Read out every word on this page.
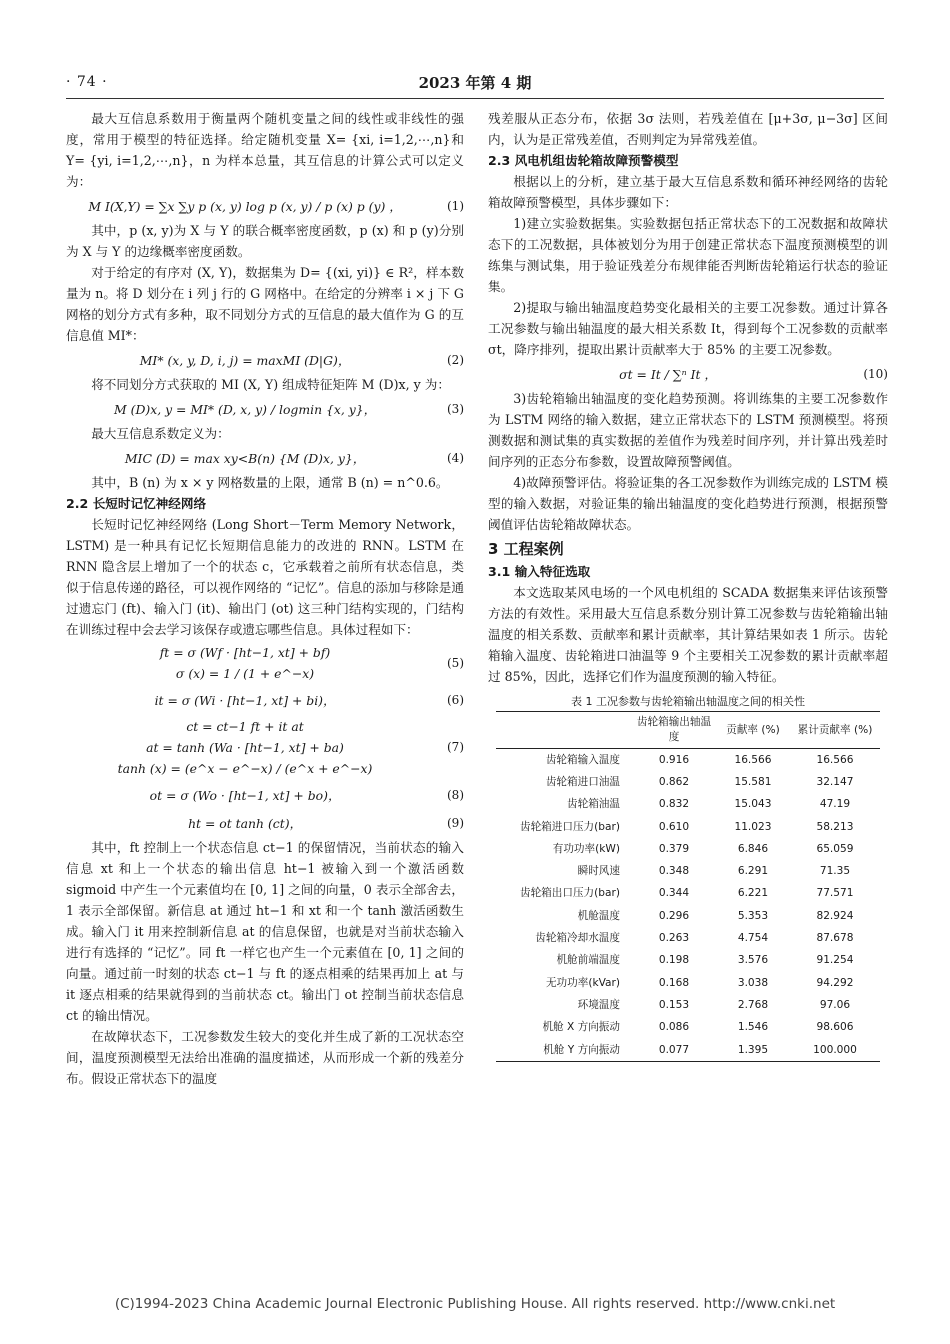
· 74 ·	2023 年第 4 期

最大互信息系数用于衡量两个随机变量之间的线性或非线性的强度，常用于模型的特征选择。给定随机变量 X= {xi, i=1,2,⋯,n}和 Y= {yi, i=1,2,⋯,n}，n 为样本总量，其互信息的计算公式可以定义为：

M I(X,Y) = ∑x ∑y p (x, y) log p (x, y) / p (x) p (y) ，	(1)

其中，p (x, y)为 X 与 Y 的联合概率密度函数，p (x) 和 p (y)分别为 X 与 Y 的边缘概率密度函数。

对于给定的有序对 (X, Y)，数据集为 D= {(xi, yi)} ∈ R²，样本数量为 n。将 D 划分在 i 列 j 行的 G 网格中。在给定的分辨率 i × j 下 G 网格的划分方式有多种，取不同划分方式的互信息的最大值作为 G 的互信息值 MI*：

MI* (x, y, D, i, j) = maxMI (D|G)，	(2)

将不同划分方式获取的 MI (X, Y) 组成特征矩阵 M (D)x, y 为：

M (D)x, y = MI* (D, x, y) / logmin {x, y}，	(3)

最大互信息系数定义为：

MIC (D) = max xy<B(n) {M (D)x, y}，	(4)

其中，B (n) 为 x × y 网格数量的上限，通常 B (n) = n^0.6。

2.2 长短时记忆神经网络

长短时记忆神经网络 (Long Short－Term Memory Network，LSTM) 是一种具有记忆长短期信息能力的改进的 RNN。LSTM 在 RNN 隐含层上增加了一个的状态 c，它承载着之前所有状态信息，类似于信息传递的路径，可以视作网络的 “记忆”。信息的添加与移除是通过遗忘门 (ft)、输入门 (it)、输出门 (ot) 这三种门结构实现的，门结构在训练过程中会去学习该保存或遗忘哪些信息。具体过程如下：

ft = σ (Wf · [ht−1, xt] + bf)
σ (x) = 1 / (1 + e^−x)
(5)
it = σ (Wi · [ht−1, xt] + bi)，	(6)
ct = ct−1 ft + it at
at = tanh (Wa · [ht−1, xt] + ba)
tanh (x) = (e^x − e^−x) / (e^x + e^−x)
(7)
ot = σ (Wo · [ht−1, xt] + bo)，	(8)
ht = ot tanh (ct)，	(9)

其中，ft 控制上一个状态信息 ct−1 的保留情况，当前状态的输入信息 xt 和上一个状态的输出信息 ht−1 被输入到一个激活函数 sigmoid 中产生一个元素值均在 [0, 1] 之间的向量，0 表示全部舍去，1 表示全部保留。新信息 at 通过 ht−1 和 xt 和一个 tanh 激活函数生成。输入门 it 用来控制新信息 at 的信息保留，也就是对当前状态输入进行有选择的 “记忆”。同 ft 一样它也产生一个元素值在 [0, 1] 之间的向量。通过前一时刻的状态 ct−1 与 ft 的逐点相乘的结果再加上 at 与 it 逐点相乘的结果就得到的当前状态 ct。输出门 ot 控制当前状态信息 ct 的输出情况。

在故障状态下，工况参数发生较大的变化并生成了新的工况状态空间，温度预测模型无法给出准确的温度描述，从而形成一个新的残差分布。假设正常状态下的温度

残差服从正态分布，依据 3σ 法则，若残差值在 [μ+3σ, μ−3σ] 区间内，认为是正常残差值，否则判定为异常残差值。

2.3 风电机组齿轮箱故障预警模型

根据以上的分析，建立基于最大互信息系数和循环神经网络的齿轮箱故障预警模型，具体步骤如下：

1)建立实验数据集。实验数据包括正常状态下的工况数据和故障状态下的工况数据，具体被划分为用于创建正常状态下温度预测模型的训练集与测试集，用于验证残差分布规律能否判断齿轮箱运行状态的验证集。

2)提取与输出轴温度趋势变化最相关的主要工况参数。通过计算各工况参数与输出轴温度的最大相关系数 It，得到每个工况参数的贡献率 σt，降序排列，提取出累计贡献率大于 85% 的主要工况参数。

σt = It / ∑ⁿ It ，	(10)

3)齿轮箱输出轴温度的变化趋势预测。将训练集的主要工况参数作为 LSTM 网络的输入数据，建立正常状态下的 LSTM 预测模型。将预测数据和测试集的真实数据的差值作为残差时间序列，并计算出残差时间序列的正态分布参数，设置故障预警阈值。

4)故障预警评估。将验证集的各工况参数作为训练完成的 LSTM 模型的输入数据，对验证集的输出轴温度的变化趋势进行预测，根据预警阈值评估齿轮箱故障状态。

3 工程案例
3.1 输入特征选取

本文选取某风电场的一个风电机组的 SCADA 数据集来评估该预警方法的有效性。采用最大互信息系数分别计算工况参数与齿轮箱输出轴温度的相关系数、贡献率和累计贡献率，其计算结果如表 1 所示。齿轮箱输入温度、齿轮箱进口油温等 9 个主要相关工况参数的累计贡献率超过 85%，因此，选择它们作为温度预测的输入特征。

表 1 工况参数与齿轮箱输出轴温度之间的相关性
	齿轮箱输出轴温度	贡献率 (%)	累计贡献率 (%)
齿轮箱输入温度	0.916	16.566	16.566
齿轮箱进口油温	0.862	15.581	32.147
齿轮箱油温	0.832	15.043	47.19
齿轮箱进口压力(bar)	0.610	11.023	58.213
有功功率(kW)	0.379	6.846	65.059
瞬时风速	0.348	6.291	71.35
齿轮箱出口压力(bar)	0.344	6.221	77.571
机舱温度	0.296	5.353	82.924
齿轮箱冷却水温度	0.263	4.754	87.678
机舱前端温度	0.198	3.576	91.254
无功功率(kVar)	0.168	3.038	94.292
环境温度	0.153	2.768	97.06
机舱 X 方向振动	0.086	1.546	98.606
机舱 Y 方向振动	0.077	1.395	100.000
(C)1994-2023 China Academic Journal Electronic Publishing House. All rights reserved. http://www.cnki.net
